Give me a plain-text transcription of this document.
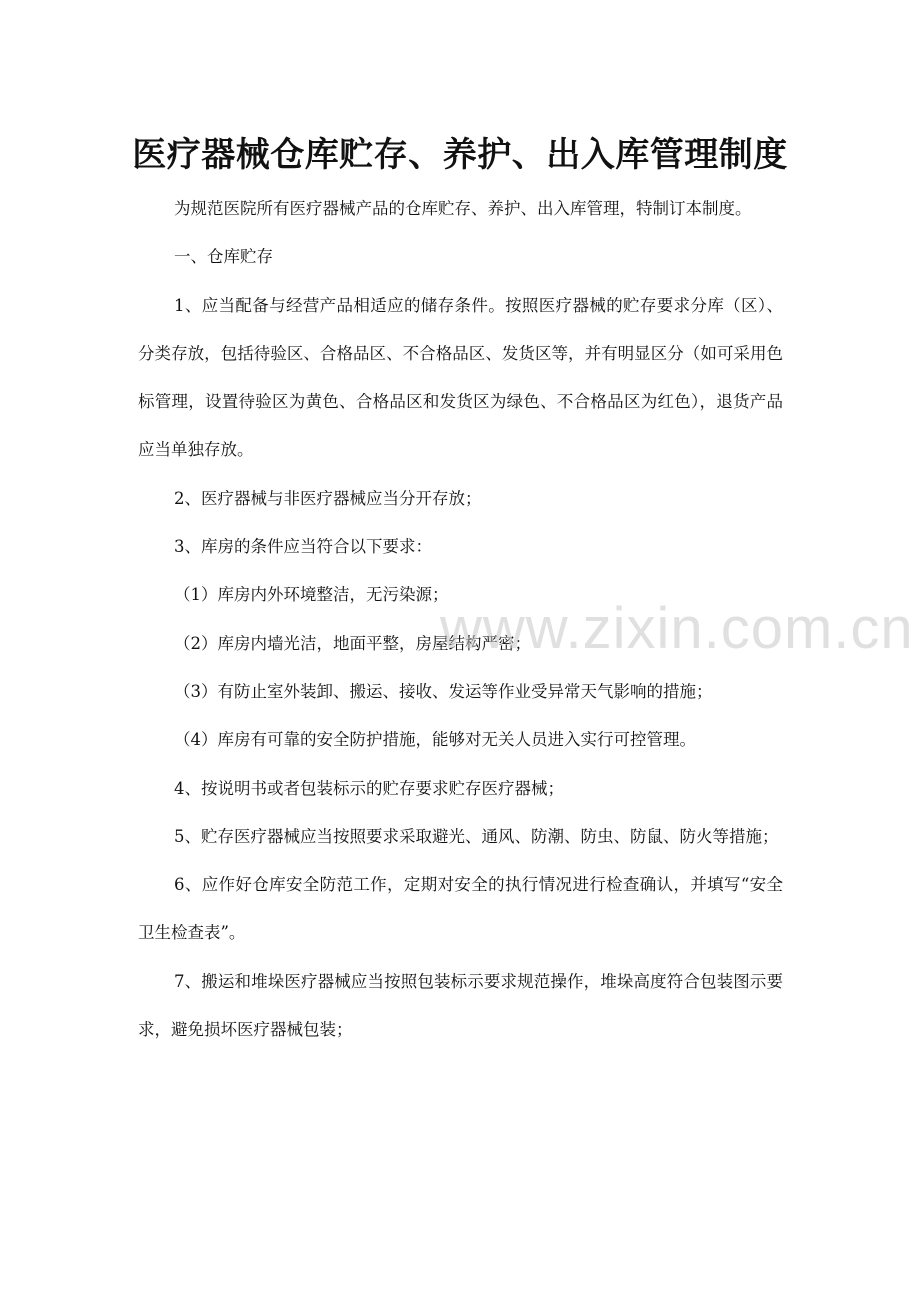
医疗器械仓库贮存、养护、出入库管理制度

为规范医院所有医疗器械产品的仓库贮存、养护、出入库管理，特制订本制度。

一、仓库贮存

1、应当配备与经营产品相适应的储存条件。按照医疗器械的贮存要求分库（区）、分类存放，包括待验区、合格品区、不合格品区、发货区等，并有明显区分（如可采用色标管理，设置待验区为黄色、合格品区和发货区为绿色、不合格品区为红色），退货产品应当单独存放。

2、医疗器械与非医疗器械应当分开存放；

3、库房的条件应当符合以下要求：

（1）库房内外环境整洁，无污染源；

（2）库房内墙光洁，地面平整，房屋结构严密；

（3）有防止室外装卸、搬运、接收、发运等作业受异常天气影响的措施；

（4）库房有可靠的安全防护措施，能够对无关人员进入实行可控管理。

4、按说明书或者包装标示的贮存要求贮存医疗器械；

5、贮存医疗器械应当按照要求采取避光、通风、防潮、防虫、防鼠、防火等措施；

6、应作好仓库安全防范工作，定期对安全的执行情况进行检查确认，并填写“安全卫生检查表”。

7、搬运和堆垛医疗器械应当按照包装标示要求规范操作，堆垛高度符合包装图示要求，避免损坏医疗器械包装；

www.zixin.com.cn
